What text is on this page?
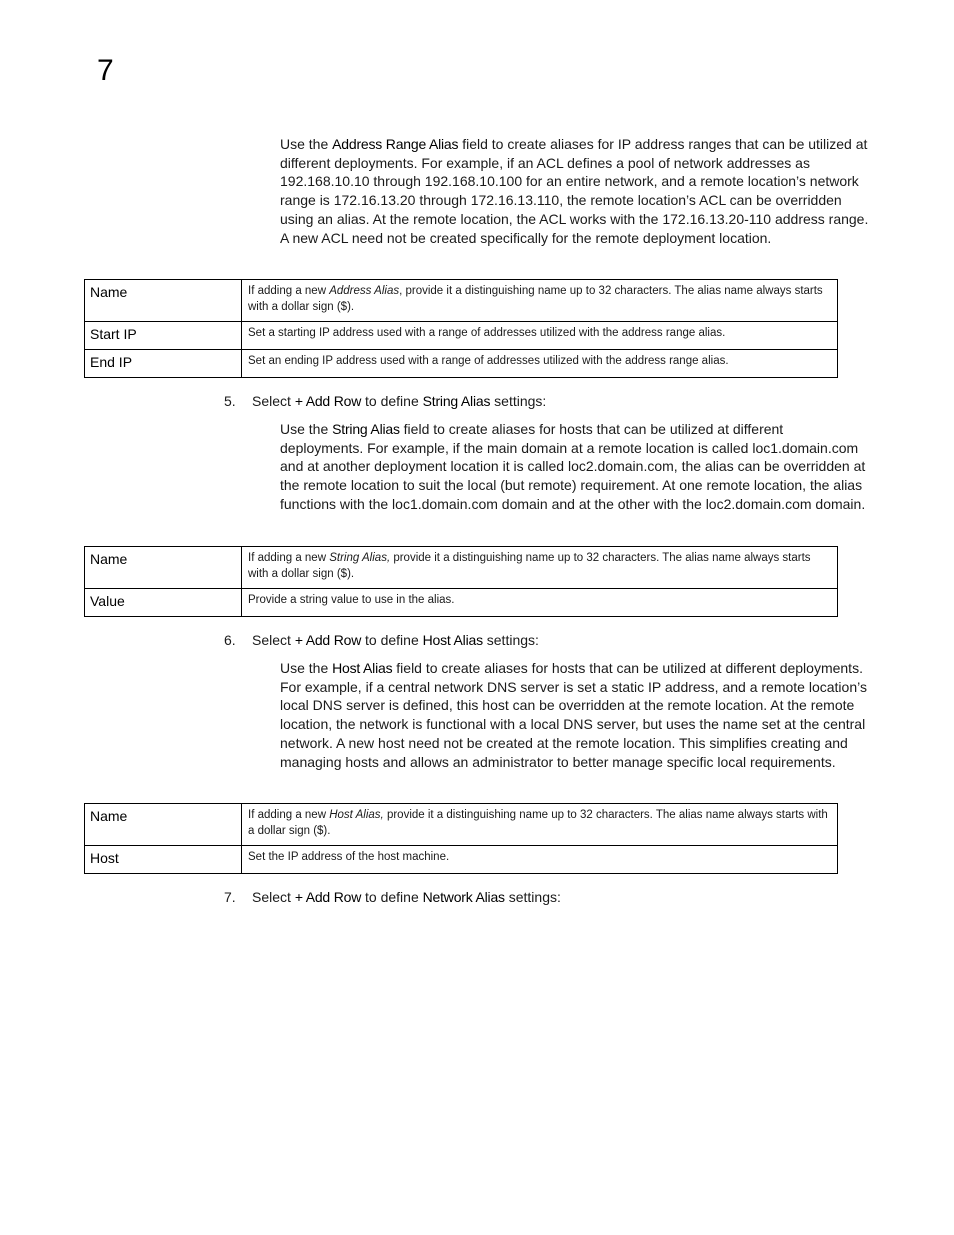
7

Use the Address Range Alias field to create aliases for IP address ranges that can be utilized at different deployments. For example, if an ACL defines a pool of network addresses as 192.168.10.10 through 192.168.10.100 for an entire network, and a remote location’s network range is 172.16.13.20 through 172.16.13.110, the remote location’s ACL can be overridden using an alias. At the remote location, the ACL works with the 172.16.13.20-110 address range. A new ACL need not be created specifically for the remote deployment location.

Name	If adding a new Address Alias, provide it a distinguishing name up to 32 characters. The alias name always starts with a dollar sign ($).
Start IP	Set a starting IP address used with a range of addresses utilized with the address range alias.
End IP	Set an ending IP address used with a range of addresses utilized with the address range alias.
5. Select + Add Row to define String Alias settings:

Use the String Alias field to create aliases for hosts that can be utilized at different deployments. For example, if the main domain at a remote location is called loc1.domain.com and at another deployment location it is called loc2.domain.com, the alias can be overridden at the remote location to suit the local (but remote) requirement. At one remote location, the alias functions with the loc1.domain.com domain and at the other with the loc2.domain.com domain.

Name	If adding a new String Alias, provide it a distinguishing name up to 32 characters. The alias name always starts with a dollar sign ($).
Value	Provide a string value to use in the alias.
6. Select + Add Row to define Host Alias settings:

Use the Host Alias field to create aliases for hosts that can be utilized at different deployments. For example, if a central network DNS server is set a static IP address, and a remote location’s local DNS server is defined, this host can be overridden at the remote location. At the remote location, the network is functional with a local DNS server, but uses the name set at the central network. A new host need not be created at the remote location. This simplifies creating and managing hosts and allows an administrator to better manage specific local requirements.

Name	If adding a new Host Alias, provide it a distinguishing name up to 32 characters. The alias name always starts with a dollar sign ($).
Host	Set the IP address of the host machine.
7. Select + Add Row to define Network Alias settings:
